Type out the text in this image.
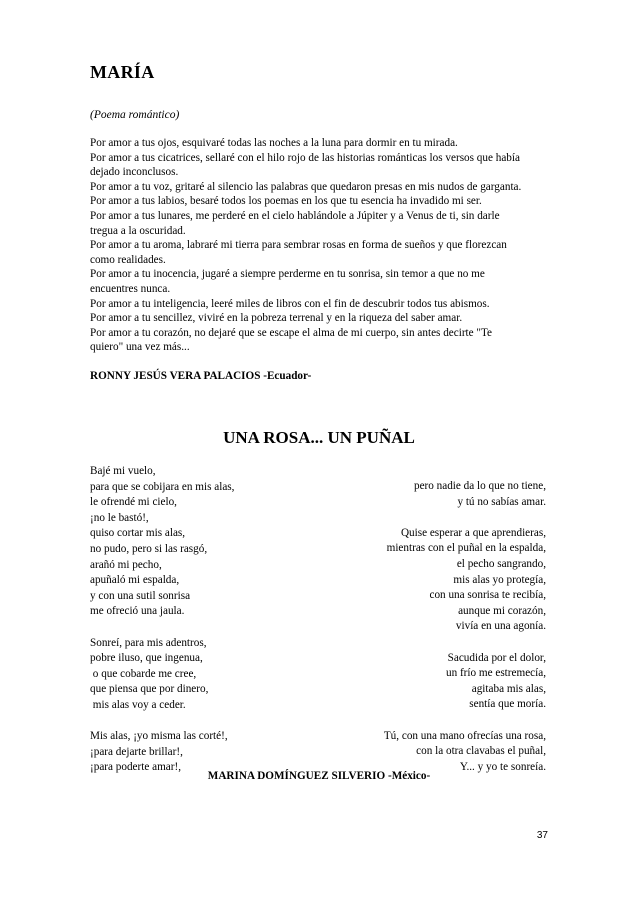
MARÍA
(Poema romántico)
Por amor a tus ojos, esquivaré todas las noches a la luna para dormir en tu mirada.
Por amor a tus cicatrices, sellaré con el hilo rojo de las historias románticas los versos que había
dejado inconclusos.
Por amor a tu voz, gritaré al silencio las palabras que quedaron presas en mis nudos de garganta.
Por amor a tus labios, besaré todos los poemas en los que tu esencia ha invadido mi ser.
Por amor a tus lunares, me perderé en el cielo hablándole a Júpiter y a Venus de ti, sin darle
tregua a la oscuridad.
Por amor a tu aroma, labraré mi tierra para sembrar rosas en forma de sueños y que florezcan
como realidades.
Por amor a tu inocencia, jugaré a siempre perderme en tu sonrisa, sin temor a que no me
encuentres nunca.
Por amor a tu inteligencia, leeré miles de libros con el fin de descubrir todos tus abismos.
Por amor a tu sencillez, viviré en la pobreza terrenal y en la riqueza del saber amar.
Por amor a tu corazón, no dejaré que se escape el alma de mi cuerpo, sin antes decirte "Te
quiero" una vez más...
RONNY JESÚS VERA PALACIOS -Ecuador-
UNA ROSA... UN PUÑAL
Bajé mi vuelo,
para que se cobijara en mis alas,
le ofrendé mi cielo,
¡no le bastó!,
quiso cortar mis alas,
no pudo, pero si las rasgó,
arañó mi pecho,
apuñaló mi espalda,
y con una sutil sonrisa
me ofreció una jaula.
Sonreí, para mis adentros,
pobre iluso, que ingenua,
o que cobarde me cree,
que piensa que por dinero,
mis alas voy a ceder.
Mis alas, ¡yo misma las corté!,
¡para dejarte brillar!,
¡para poderte amar!,
pero nadie da lo que no tiene,
y tú no sabías amar.
Quise esperar a que aprendieras,
mientras con el puñal en la espalda,
el pecho sangrando,
mis alas yo protegía,
con una sonrisa te recibía,
aunque mi corazón,
vivía en una agonía.
Sacudida por el dolor,
un frío me estremecía,
agitaba mis alas,
sentía que moría.
Tú, con una mano ofrecías una rosa,
con la otra clavabas el puñal,
Y... y yo te sonreía.
MARINA DOMÍNGUEZ SILVERIO -México-
37
